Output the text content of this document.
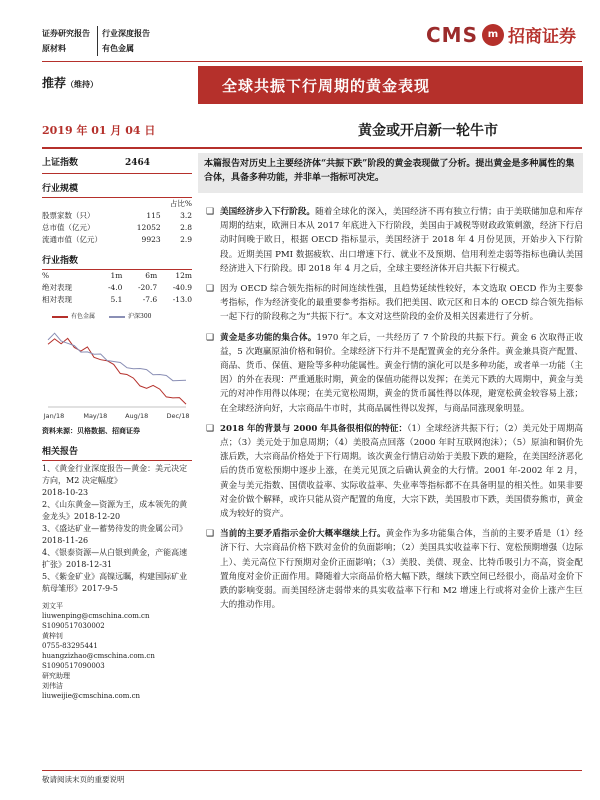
证券研究报告	行业深度报告
原材料	有色金属
CMS m 招商证券
推荐（维持）	全球共振下行周期的黄金表现
2019 年 01 月 04 日	黄金或开启新一轮牛市
上证指数	2464
行业规模
		占比%
股票家数（只）	115	3.2
总市值（亿元）	12052	2.8
流通市值（亿元）	9923	2.9
行业指数
%	1m	6m	12m
绝对表现	-4.0	-20.7	-40.9
相对表现	5.1	-7.6	-13.0
有色金属	沪深300
Jan/18	May/18	Aug/18	Dec/18
资料来源：贝格数据、招商证券
相关报告
1、《黄金行业深度报告—黄金：美元决定方向，M2 决定幅度》
2018-10-23
2、《山东黄金—资源为王，成本领先的黄金龙头》2018-12-20
3、《盛达矿业—蓄势待发的贵金属公司》2018-11-26
4、《银泰资源—从白银到黄金，产能高速扩张》2018-12-31
5、《紫金矿业》高镍远瞩，构建国际矿业航母雏形》2017-9-5
刘文平
liuwenping@cmschina.com.cn
S1090517030002
黄梓钊
0755-83295441
huangzizhao@cmschina.com.cn
S1090517090003
研究助理
刘伟洁
liuweijie@cmschina.com.cn
本篇报告对历史上主要经济体“共振下跌”阶段的黄金表现做了分析。提出黄金是多种属性的集合体，具备多种功能，并非单一指标可决定。
❑ 美国经济步入下行阶段。随着全球化的深入，美国经济不再有独立行情；由于美联储加息和库存周期的结束，欧洲日本从 2017 年底进入下行阶段，美国由于减税等财政政策刺激，经济下行启动时间晚于欧日，根据 OECD 指标显示，美国经济于 2018 年 4 月份见顶，开始步入下行阶段。近期美国 PMI 数据疲软、出口增速下行、就业不及预期、信用利差走弱等指标也确认美国经济进入下行阶段。即 2018 年 4 月之后，全球主要经济体开启共振下行模式。
❑ 因为 OECD 综合领先指标的时间连续性强，且趋势延续性较好，本文选取 OECD 作为主要参考指标，作为经济变化的最重要参考指标。我们把美国、欧元区和日本的 OECD 综合领先指标一起下行的阶段称之为“共振下行”。本文对这些阶段的金价及相关因素进行了分析。
❑ 黄金是多功能的集合体。1970 年之后，一共经历了 7 个阶段的共振下行。黄金 6 次取得正收益，5 次跑赢原油价格和铜价。全球经济下行并不是配置黄金的充分条件。黄金兼具资产配置、商品、货币、保值、避险等多种功能属性。黄金行情的演化可以是多种功能，或者单一功能（主因）的外在表现：严重通胀时期，黄金的保值功能得以发挥；在美元下跌的大周期中，黄金与美元的对冲作用得以体现；在美元宽松周期，黄金的货币属性得以体现，避宽松黄金较容易上涨；在全球经济向好，大宗商品牛市时，其商品属性得以发挥，与商品同涨现象明显。
❑ 2018 年的背景与 2000 年具备很相似的特征：（1）全球经济共振下行；（2）美元处于周期高点；（3）美元处于加息周期；（4）美股高点回落（2000 年时互联网泡沫）；（5）原油和铜价先涨后跌，大宗商品价格处于下行周期。该次黄金行情启动始于美股下跌的避险，在美国经济恶化后的货币宽松预期中逐步上涨，在美元见顶之后确认黄金的大行情。2001 年-2002 年 2 月，黄金与美元指数、国债收益率、实际收益率、失业率等指标都不在具备明显的相关性。如果非要对金价做个解释，或许只能从资产配置的角度，大宗下跌，美国股市下跌，美国债券熊市，黄金成为较好的资产。
❑ 当前的主要矛盾指示金价大概率继续上行。黄金作为多功能集合体，当前的主要矛盾是（1）经济下行、大宗商品价格下跌对金价的负面影响；（2）美国具实收益率下行、宽松预期增强（边际上）、美元高位下行预期对金价正面影响；（3）美股、美债、现金、比特币吸引力不高，资金配置角度对金价正面作用。降随着大宗商品价格大幅下跌，继续下跌空间已经很小，商品对金价下跌的影响变弱。而美国经济走弱带来的具实收益率下行和 M2 增速上行或将对金价上涨产生巨大的推动作用。
敬请阅读末页的重要说明
